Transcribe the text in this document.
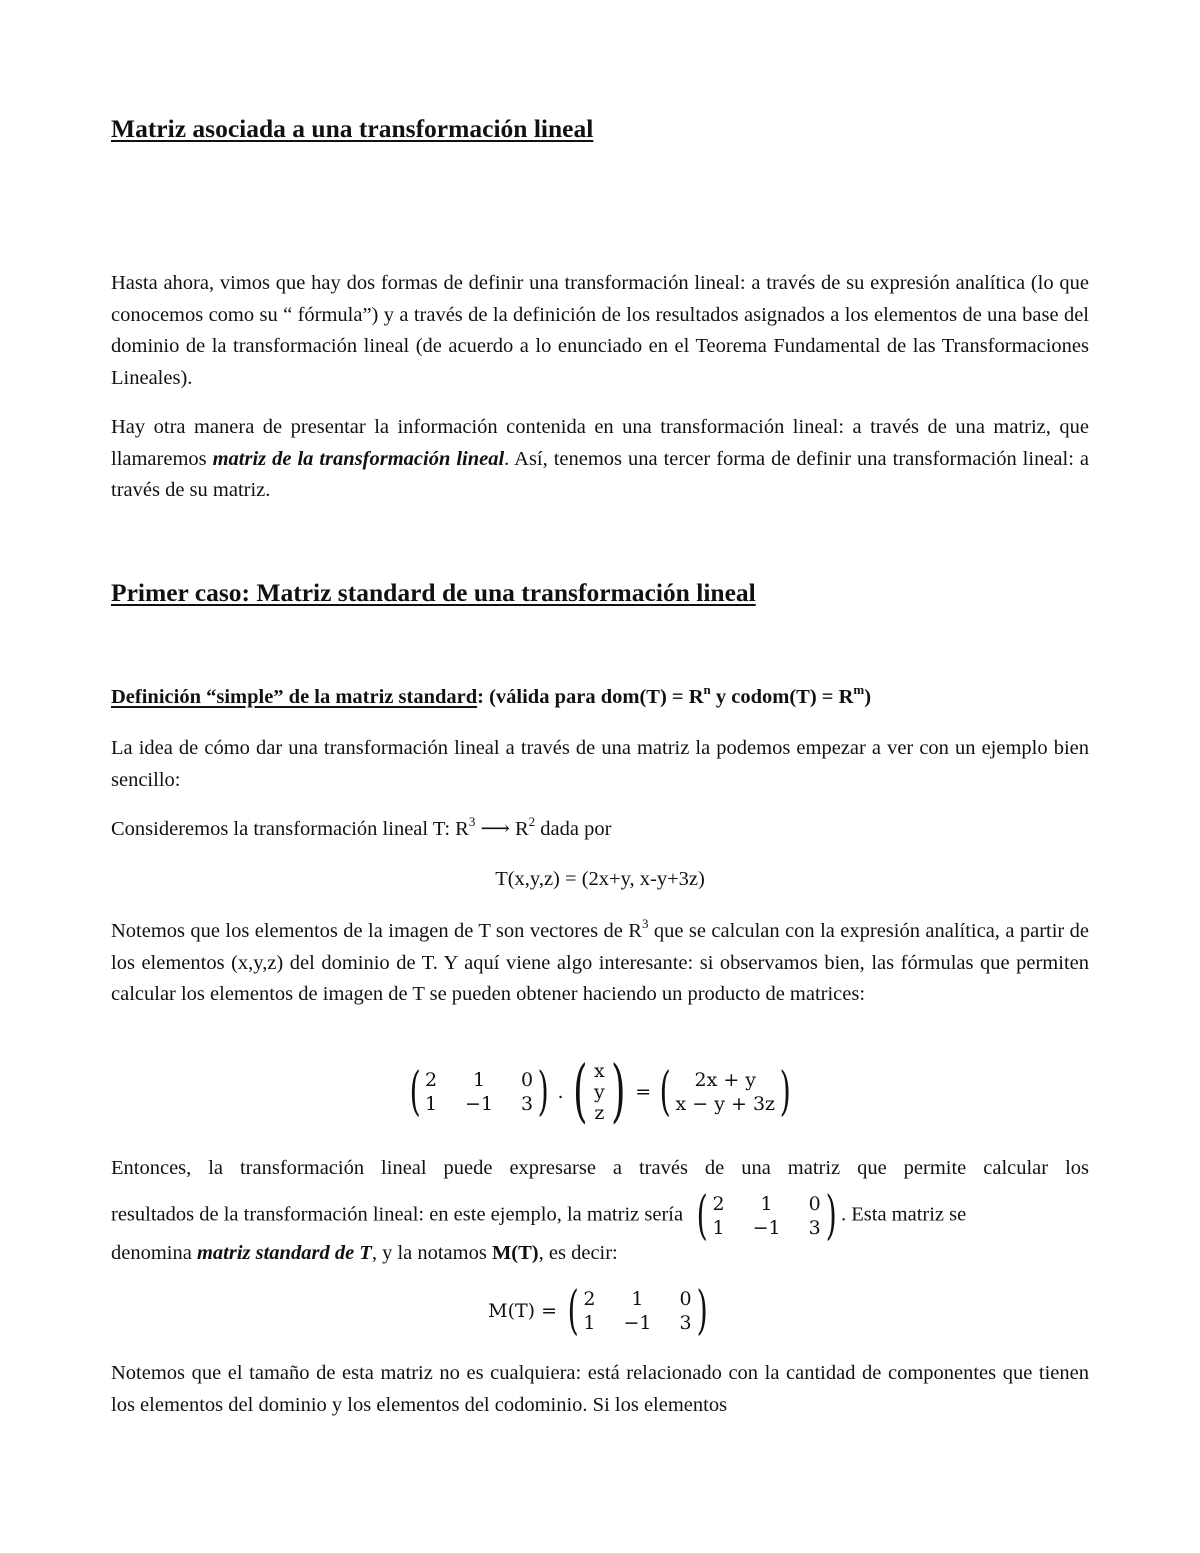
Matriz asociada a una transformación lineal

Hasta ahora, vimos que hay dos formas de definir una transformación lineal: a través de su expresión analítica (lo que conocemos como su “ fórmula”) y a través de la definición de los resultados asignados a los elementos de una base del dominio de la transformación lineal (de acuerdo a lo enunciado en el Teorema Fundamental de las Transformaciones Lineales).

Hay otra manera de presentar la información contenida en una transformación lineal: a través de una matriz, que llamaremos matriz de la transformación lineal. Así, tenemos una tercer forma de definir una transformación lineal: a través de su matriz.

Primer caso: Matriz standard de una transformación lineal
Definición “simple” de la matriz standard: (válida para $dom(T) = R^n$ y codom(T) = $R^m$)

La idea de cómo dar una transformación lineal a través de una matriz la podemos empezar a ver con un ejemplo bien sencillo:

Consideremos la transformación lineal T: $R^3$ ⟶ $R^2$ dada por
T(x,y,z) = (2x+y, x-y+3z)

Notemos que los elementos de la imagen de T son vectores de $R^3$ que se calculan con la expresión analítica, a partir de los elementos (x,y,z) del dominio de T. Y aquí viene algo interesante: si observamos bien, las fórmulas que permiten calcular los elementos de imagen de T se pueden obtener haciendo un producto de matrices:

( 2	1	0
1 −1 3 ) . ( x
y
z ) = (	2x + y
x − y + 3z )
Entonces, la transformación lineal puede expresarse a través de una matriz que permite calcular los
resultados de la transformación lineal: en este ejemplo, la matriz sería ( 2	1	0
1 −1 3 ) . Esta matriz se
denomina matriz standard de T, y la notamos M(T), es decir:
M(T) = ( 2	1	0
1 −1 3 )

Notemos que el tamaño de esta matriz no es cualquiera: está relacionado con la cantidad de componentes que tienen los elementos del dominio y los elementos del codominio. Si los elementos
